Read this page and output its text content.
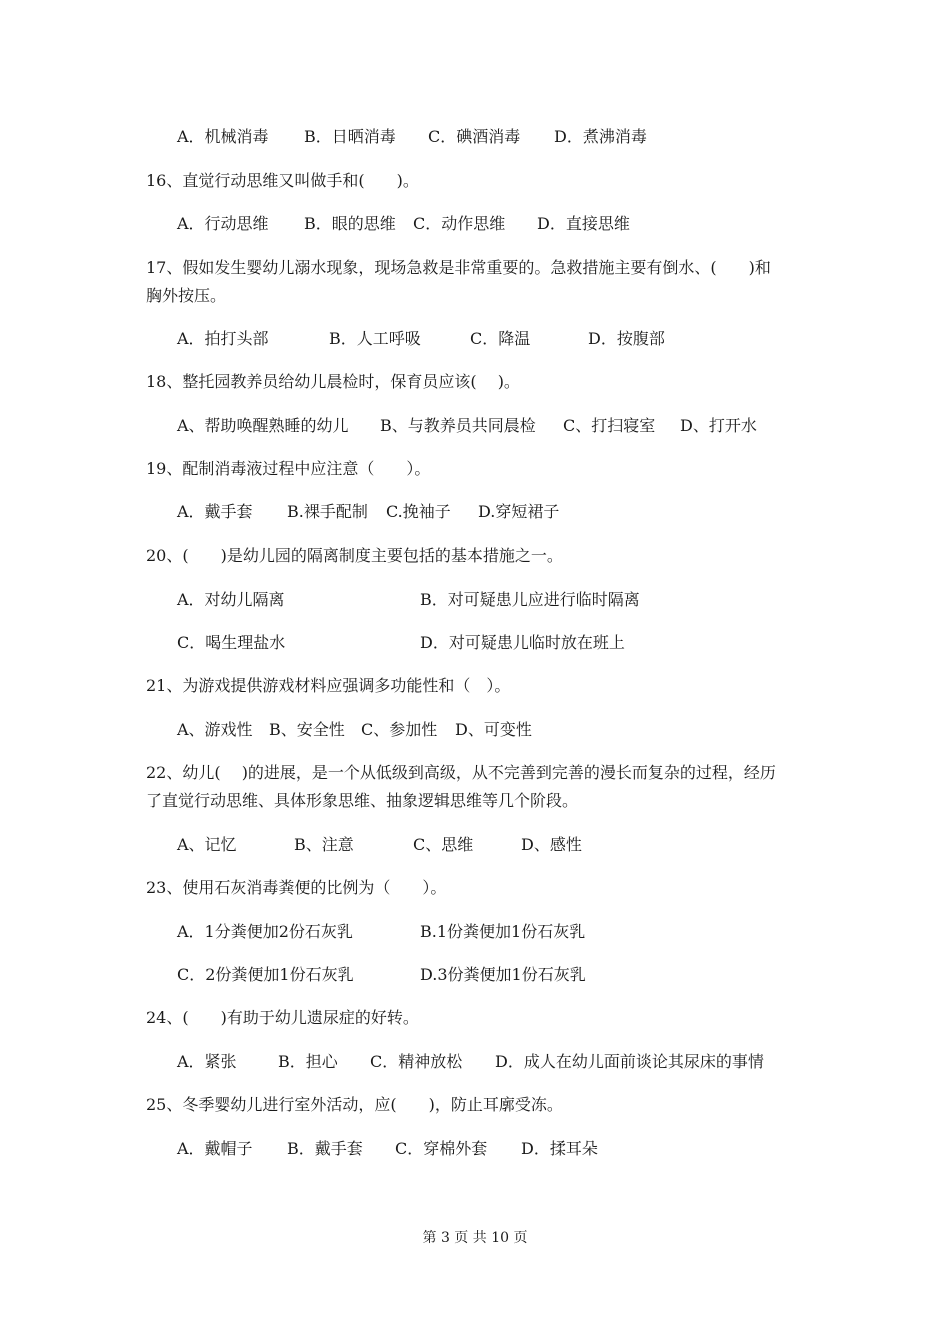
A．机械消毒 B．日晒消毒 C．碘酒消毒 D．煮沸消毒
16、直觉行动思维又叫做手和(　　)。
A．行动思维 B．眼的思维 C．动作思维 D．直接思维
17、假如发生婴幼儿溺水现象，现场急救是非常重要的。急救措施主要有倒水、(　　)和
胸外按压。
A．拍打头部	B．人工呼吸	C．降温	D．按腹部
18、整托园教养员给幼儿晨检时，保育员应该(　 )。
A、帮助唤醒熟睡的幼儿 B、与教养员共同晨检 C、打扫寝室 D、打开水
19、配制消毒液过程中应注意（　　）。
A．戴手套 B.裸手配制 C.挽袖子 D.穿短裙子
20、(　　)是幼儿园的隔离制度主要包括的基本措施之一。
A．对幼儿隔离	B．对可疑患儿应进行临时隔离
C．喝生理盐水	D．对可疑患儿临时放在班上
21、为游戏提供游戏材料应强调多功能性和（　）。
A、游戏性 B、安全性 C、参加性 D、可变性
22、幼儿(　 )的进展，是一个从低级到高级，从不完善到完善的漫长而复杂的过程，经历
了直觉行动思维、具体形象思维、抽象逻辑思维等几个阶段。
A、记忆	B、注意	C、思维	D、感性
23、使用石灰消毒粪便的比例为（　　）。
A．1分粪便加2份石灰乳	B.1份粪便加1份石灰乳
C．2份粪便加1份石灰乳	D.3份粪便加1份石灰乳
24、(　　)有助于幼儿遗尿症的好转。
A．紧张	B．担心 C．精神放松 D．成人在幼儿面前谈论其尿床的事情
25、冬季婴幼儿进行室外活动，应(　　)，防止耳廓受冻。
A．戴帽子 B．戴手套 C．穿棉外套 D．揉耳朵
第 3 页 共 10 页
